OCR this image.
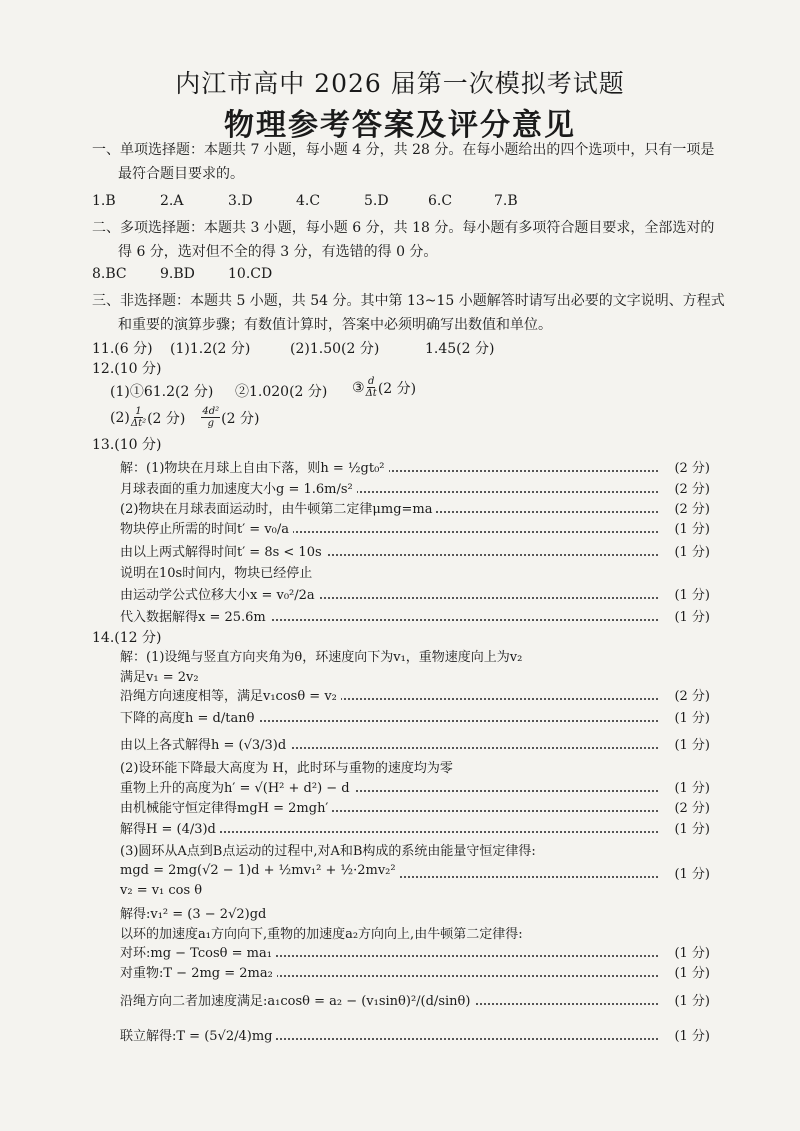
内江市高中 2026 届第一次模拟考试题
物理参考答案及评分意见
一、单项选择题：本题共 7 小题，每小题 4 分，共 28 分。在每小题给出的四个选项中，只有一项是
最符合题目要求的。
1.B	2.A	3.D	4.C	5.D	6.C	7.B
二、多项选择题：本题共 3 小题，每小题 6 分，共 18 分。每小题有多项符合题目要求，全部选对的
得 6 分，选对但不全的得 3 分，有选错的得 0 分。
8.BC 9.BD 10.CD
三、非选择题：本题共 5 小题，共 54 分。其中第 13~15 小题解答时请写出必要的文字说明、方程式
和重要的演算步骤；有数值计算时，答案中必须明确写出数值和单位。
11.(6 分) (1)1.2(2 分)	(2)1.50(2 分)	1.45(2 分)
12.(10 分)
(1)①61.2(2 分) ②1.020(2 分) ③ $\frac{d}{\Delta t} (2$ 分)
$(2) \frac{1}{\text{Δt²}} (2$ 分) $\frac{\text{4d²}}{g} (2$ 分)
13.(10 分)
解：(1)物块在月球上自由下落，则h = ½gt₀²	(2 分)
月球表面的重力加速度大小g = 1.6m/s²	(2 分)
(2)物块在月球表面运动时，由牛顿第二定律μmg=ma	(2 分)
物块停止所需的时间t′ = v₀/a	(1 分)
由以上两式解得时间t′ = 8s < 10s	(1 分)
说明在10s时间内，物块已经停止
由运动学公式位移大小x = v₀²/2a	(1 分)
代入数据解得x = 25.6m	(1 分)
14.(12 分)
解：(1)设绳与竖直方向夹角为θ，环速度向下为v₁，重物速度向上为v₂
满足v₁ = 2v₂
沿绳方向速度相等，满足v₁cosθ = v₂	(2 分)
下降的高度h = d/tanθ	(1 分)
由以上各式解得h = (√3/3)d	(1 分)
(2)设环能下降最大高度为 H，此时环与重物的速度均为零
重物上升的高度为h′ = √(H² + d²) − d	(1 分)
由机械能守恒定律得mgH = 2mgh′	(2 分)
解得H = (4/3)d	(1 分)
(3)圆环从A点到B点运动的过程中,对A和B构成的系统由能量守恒定律得:
mgd = 2mg(√2 − 1)d + ½mv₁² + ½·2mv₂²	(1 分)
v₂ = v₁ cos θ
解得:v₁² = (3 − 2√2)gd
以环的加速度a₁方向向下,重物的加速度a₂方向向上,由牛顿第二定律得:
对环:mg − Tcosθ = ma₁	(1 分)
对重物:T − 2mg = 2ma₂	(1 分)
沿绳方向二者加速度满足:a₁cosθ = a₂ − (v₁sinθ)²/(d/sinθ)	(1 分)
联立解得:T = (5√2/4)mg	(1 分)
